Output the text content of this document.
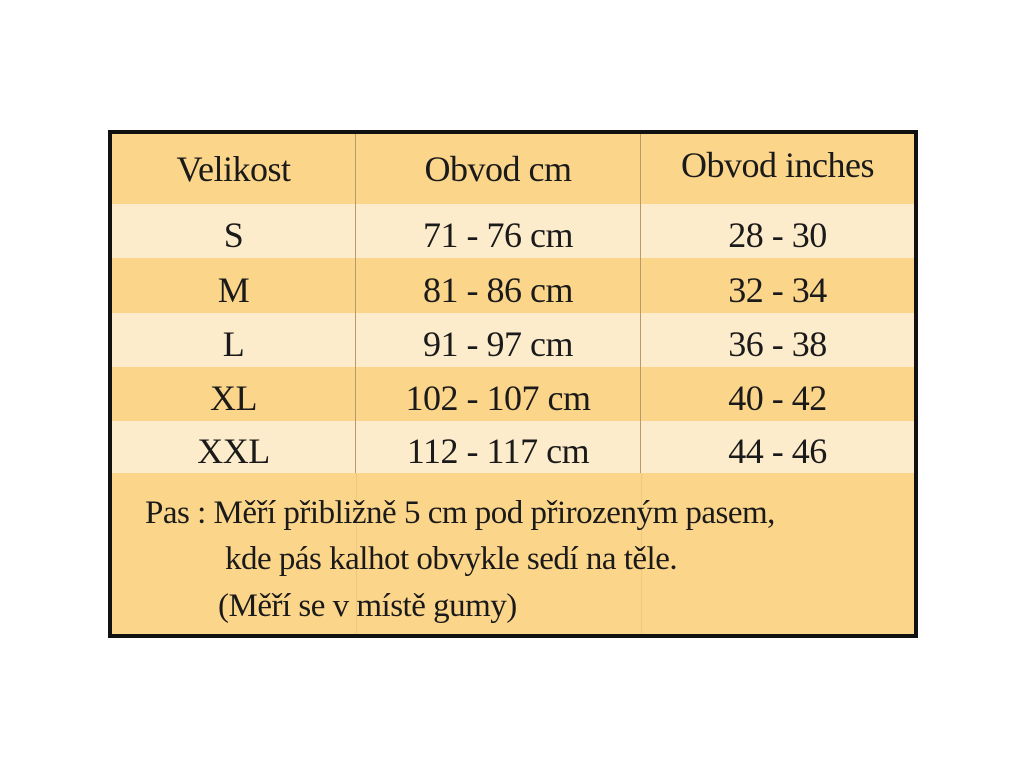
Velikost	Obvod cm	Obvod inches
S	71 - 76 cm	28 - 30
M	81 - 86 cm	32 - 34
L	91 - 97 cm	36 - 38
XL	102 - 107 cm	40 - 42
XXL	112 - 117 cm	44 - 46
Pas : Měří přibližně 5 cm pod přirozeným pasem,
kde pás kalhot obvykle sedí na těle.
(Měří se v místě gumy)
